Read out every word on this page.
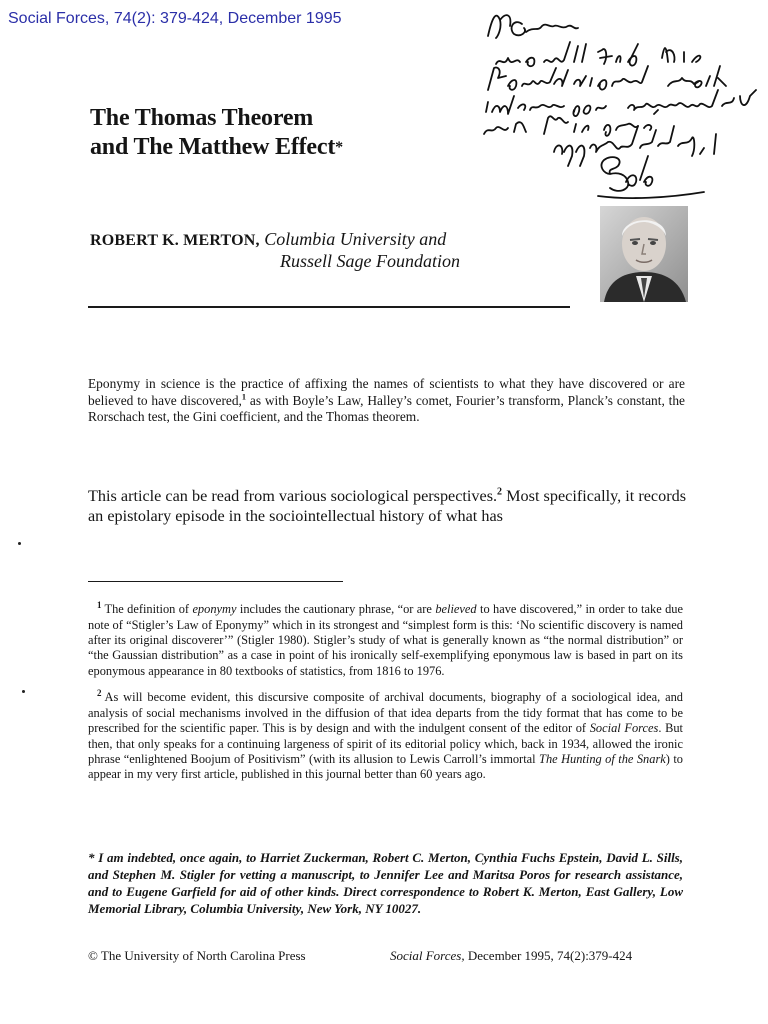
Social Forces, 74(2): 379-424, December 1995
The Thomas Theorem
and The Matthew Effect*
ROBERT K. MERTON, Columbia University and
Russell Sage Foundation
Eponymy in science is the practice of affixing the names of scientists to what they have discovered or are believed to have discovered,$^1$ as with Boyle’s Law, Halley’s comet, Fourier’s transform, Planck’s constant, the Rorschach test, the Gini coefficient, and the Thomas theorem.
This article can be read from various sociological perspectives.$^2$ Most specifically, it records an epistolary episode in the sociointellectual history of what has

$^1$ The definition of eponymy includes the cautionary phrase, “or are believed to have discovered,” in order to take due note of “Stigler’s Law of Eponymy” which in its strongest and “simplest form is this: ‘No scientific discovery is named after its original discoverer’” (Stigler 1980). Stigler’s study of what is generally known as “the normal distribution” or “the Gaussian distribution” as a case in point of his ironically self-exemplifying eponymous law is based in part on its eponymous appearance in 80 textbooks of statistics, from 1816 to 1976.

$^2$ As will become evident, this discursive composite of archival documents, biography of a sociological idea, and analysis of social mechanisms involved in the diffusion of that idea departs from the tidy format that has come to be prescribed for the scientific paper. This is by design and with the indulgent consent of the editor of Social Forces. But then, that only speaks for a continuing largeness of spirit of its editorial policy which, back in 1934, allowed the ironic phrase “enlightened Boojum of Positivism” (with its allusion to Lewis Carroll’s immortal The Hunting of the Snark) to appear in my very first article, published in this journal better than 60 years ago.

* I am indebted, once again, to Harriet Zuckerman, Robert C. Merton, Cynthia Fuchs Epstein, David L. Sills, and Stephen M. Stigler for vetting a manuscript, to Jennifer Lee and Maritsa Poros for research assistance, and to Eugene Garfield for aid of other kinds. Direct correspondence to Robert K. Merton, East Gallery, Low Memorial Library, Columbia University, New York, NY 10027.
© The University of North Carolina Press	Social Forces, December 1995, 74(2):379-424
